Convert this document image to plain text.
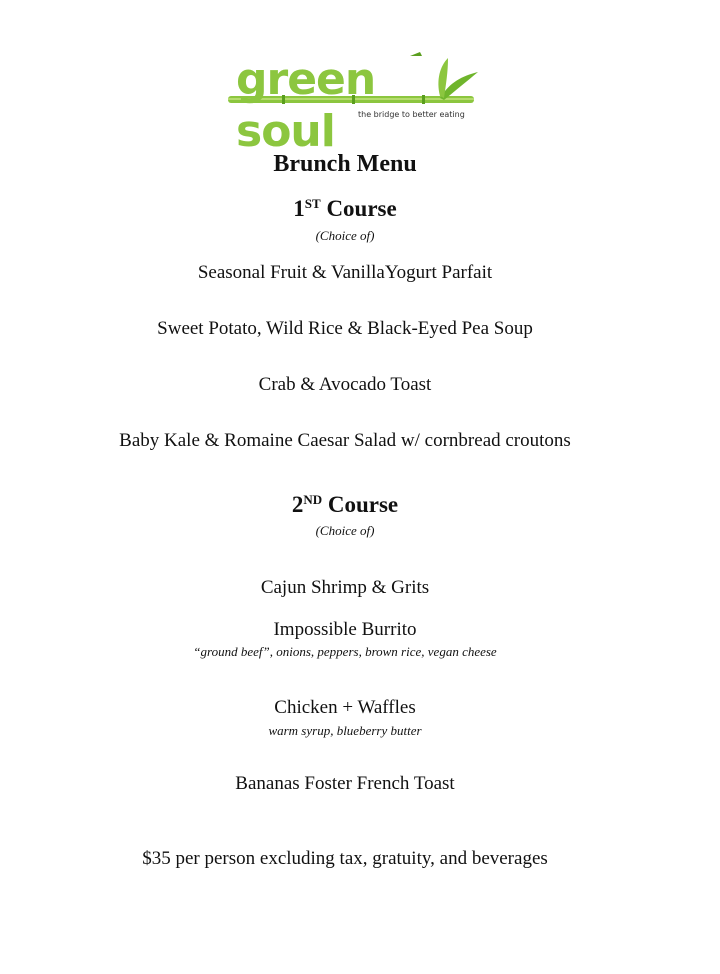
green soul	the bridge to better eating
Brunch Menu
1ST Course
(Choice of)
Seasonal Fruit & VanillaYogurt Parfait
Sweet Potato, Wild Rice & Black-Eyed Pea Soup
Crab & Avocado Toast
Baby Kale & Romaine Caesar Salad w/ cornbread croutons
2ND Course
(Choice of)
Cajun Shrimp & Grits
Impossible Burrito
“ground beef”, onions, peppers, brown rice, vegan cheese
Chicken + Waffles
warm syrup, blueberry butter
Bananas Foster French Toast
$35 per person excluding tax, gratuity, and beverages
